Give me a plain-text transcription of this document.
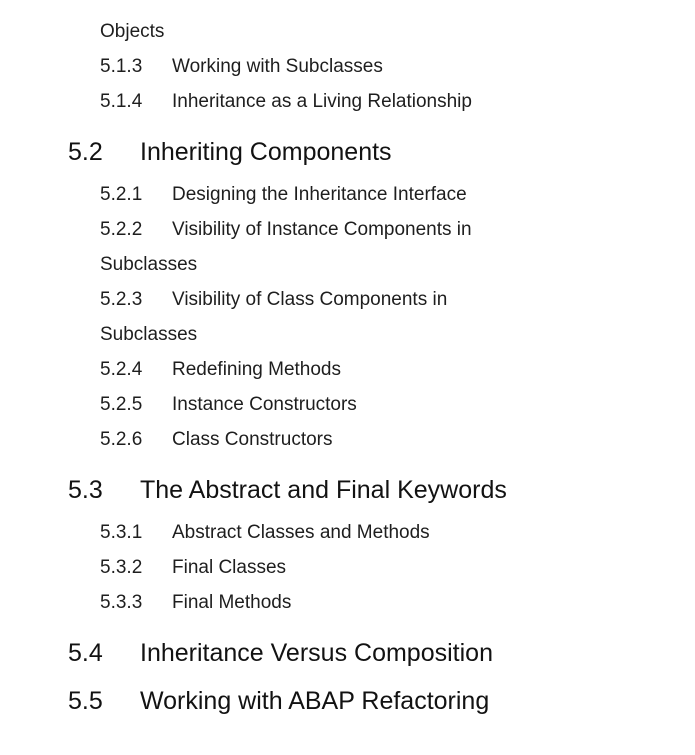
Objects
5.1.3	Working with Subclasses
5.1.4	Inheritance as a Living Relationship
5.2	Inheriting Components
5.2.1	Designing the Inheritance Interface
5.2.2	Visibility of Instance Components in
Subclasses
5.2.3	Visibility of Class Components in
Subclasses
5.2.4	Redefining Methods
5.2.5	Instance Constructors
5.2.6	Class Constructors
5.3	The Abstract and Final Keywords
5.3.1	Abstract Classes and Methods
5.3.2	Final Classes
5.3.3	Final Methods
5.4	Inheritance Versus Composition
5.5	Working with ABAP Refactoring
